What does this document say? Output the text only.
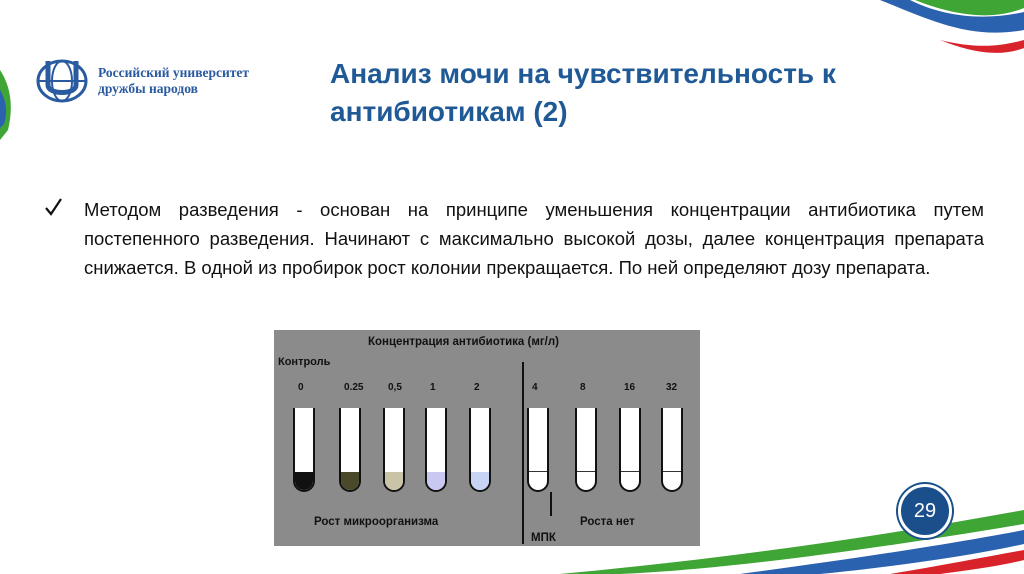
Российский университет
дружбы народов	Анализ мочи на чувствительность к антибиотикам (2)
Методом разведения - основан на принципе уменьшения концентрации антибиотика путем постепенного разведения. Начинают с максимально высокой дозы, далее концентрация препарата снижается. В одной из пробирок рост колонии прекращается. По ней определяют дозу препарата.
Концентрация антибиотика (мг/л)
Контроль
0	0.25 0,5	1	2	4	8	16	32
Рост микроорганизма	Роста нет
МПК
29
